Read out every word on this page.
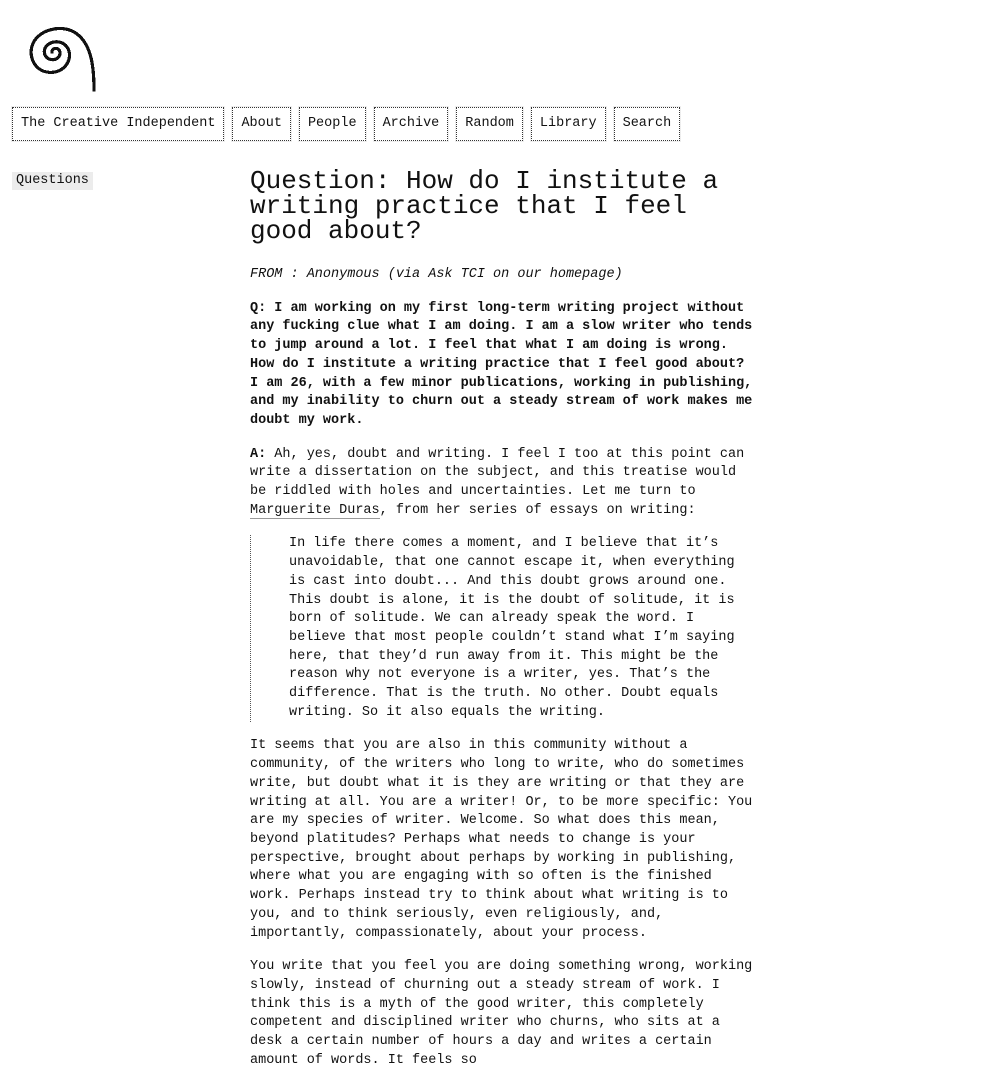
The Creative Independent	About	People	Archive	Random	Library	Search
Questions	Question: How do I institute a writing practice that I feel good about?

FROM : Anonymous (via Ask TCI on our homepage)

Q: I am working on my first long-term writing project without any fucking clue what I am doing. I am a slow writer who tends to jump around a lot. I feel that what I am doing is wrong. How do I institute a writing practice that I feel good about? I am 26, with a few minor publications, working in publishing, and my inability to churn out a steady stream of work makes me doubt my work.

A: Ah, yes, doubt and writing. I feel I too at this point can write a dissertation on the subject, and this treatise would be riddled with holes and uncertainties. Let me turn to Marguerite Duras, from her series of essays on writing:

In life there comes a moment, and I believe that it’s unavoidable, that one cannot escape it, when everything is cast into doubt... And this doubt grows around one. This doubt is alone, it is the doubt of solitude, it is born of solitude. We can already speak the word. I believe that most people couldn’t stand what I’m saying here, that they’d run away from it. This might be the reason why not everyone is a writer, yes. That’s the difference. That is the truth. No other. Doubt equals writing. So it also equals the writing.

It seems that you are also in this community without a community, of the writers who long to write, who do sometimes write, but doubt what it is they are writing or that they are writing at all. You are a writer! Or, to be more specific: You are my species of writer. Welcome. So what does this mean, beyond platitudes? Perhaps what needs to change is your perspective, brought about perhaps by working in publishing, where what you are engaging with so often is the finished work. Perhaps instead try to think about what writing is to you, and to think seriously, even religiously, and, importantly, compassionately, about your process.

You write that you feel you are doing something wrong, working slowly, instead of churning out a steady stream of work. I think this is a myth of the good writer, this completely competent and disciplined writer who churns, who sits at a desk a certain number of hours a day and writes a certain amount of words. It feels so
